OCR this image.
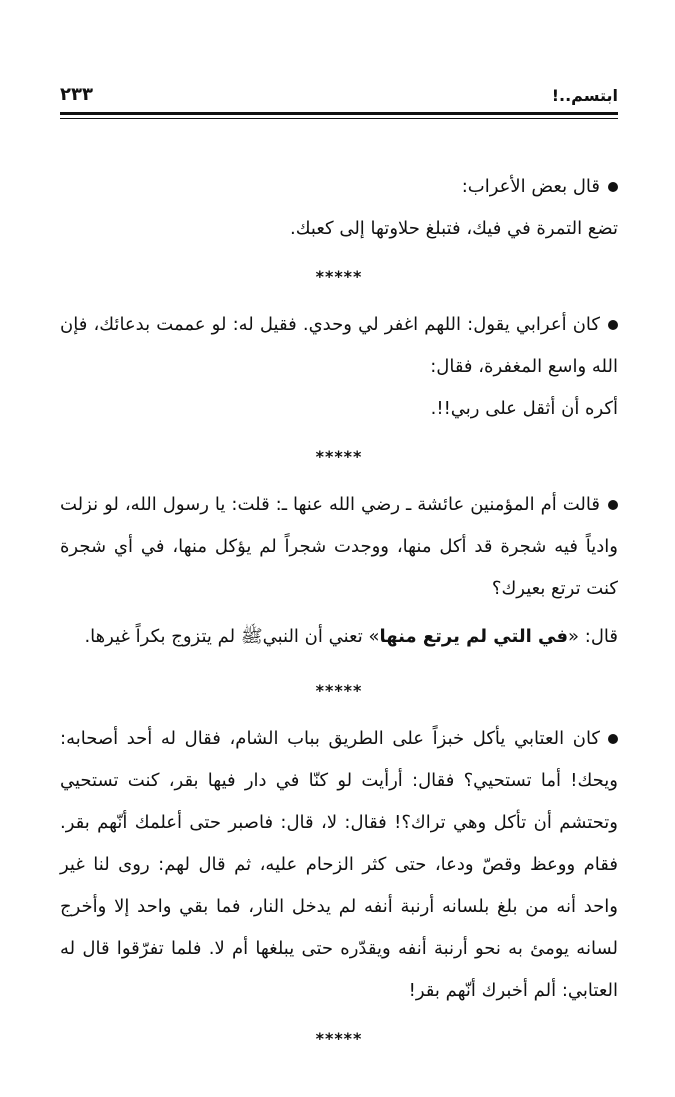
ابتسم..!
٢٣٣

قال بعض الأعراب:

تضع التمرة في فيك، فتبلغ حلاوتها إلى كعبك.

*****

كان أعرابي يقول: اللهم اغفر لي وحدي. فقيل له: لو عممت بدعائك، فإن الله واسع المغفرة، فقال:

أكره أن أثقل على ربي!!.

*****

قالت أم المؤمنين عائشة ـ رضي الله عنها ـ: قلت: يا رسول الله، لو نزلت وادياً فيه شجرة قد أكل منها، ووجدت شجراً لم يؤكل منها، في أي شجرة كنت ترتع بعيرك؟

قال: «في التي لم يرتع منها» تعني أن النبيﷺ لم يتزوج بكراً غيرها.

*****

كان العتابي يأكل خبزاً على الطريق بباب الشام، فقال له أحد أصحابه: ويحك! أما تستحيي؟ فقال: أرأيت لو كنّا في دار فيها بقر، كنت تستحيي وتحتشم أن تأكل وهي تراك؟! فقال: لا، قال: فاصبر حتى أعلمك أنّهم بقر. فقام ووعظ وقصّ ودعا، حتى كثر الزحام عليه، ثم قال لهم: روى لنا غير واحد أنه من بلغ بلسانه أرنبة أنفه لم يدخل النار، فما بقي واحد إلا وأخرج لسانه يومئ به نحو أرنبة أنفه ويقدّره حتى يبلغها أم لا. فلما تفرّقوا قال له العتابي: ألم أخبرك أنّهم بقر!

*****
